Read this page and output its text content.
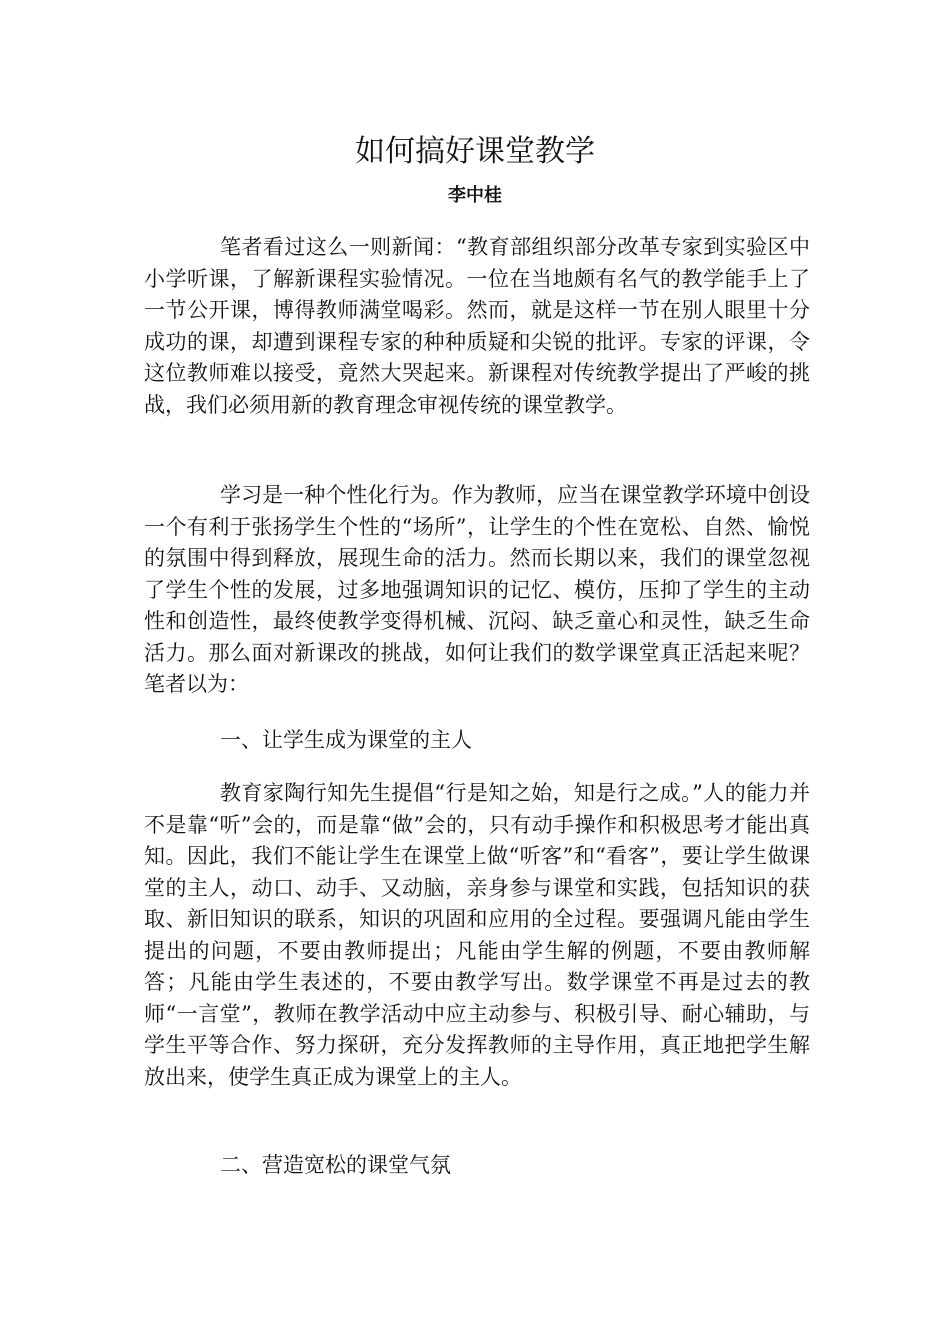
如何搞好课堂教学
李中桂

笔者看过这么一则新闻：“教育部组织部分改革专家到实验区中小学听课，了解新课程实验情况。一位在当地颇有名气的教学能手上了一节公开课，博得教师满堂喝彩。然而，就是这样一节在别人眼里十分成功的课，却遭到课程专家的种种质疑和尖锐的批评。专家的评课，令这位教师难以接受，竟然大哭起来。新课程对传统教学提出了严峻的挑战，我们必须用新的教育理念审视传统的课堂教学。

学习是一种个性化行为。作为教师，应当在课堂教学环境中创设一个有利于张扬学生个性的“场所”，让学生的个性在宽松、自然、愉悦的氛围中得到释放，展现生命的活力。然而长期以来，我们的课堂忽视了学生个性的发展，过多地强调知识的记忆、模仿，压抑了学生的主动性和创造性，最终使教学变得机械、沉闷、缺乏童心和灵性，缺乏生命活力。那么面对新课改的挑战，如何让我们的数学课堂真正活起来呢？笔者以为：

一、让学生成为课堂的主人

教育家陶行知先生提倡“行是知之始，知是行之成。”人的能力并不是靠“听”会的，而是靠“做”会的，只有动手操作和积极思考才能出真知。因此，我们不能让学生在课堂上做“听客”和“看客”，要让学生做课堂的主人，动口、动手、又动脑，亲身参与课堂和实践，包括知识的获取、新旧知识的联系，知识的巩固和应用的全过程。要强调凡能由学生提出的问题，不要由教师提出；凡能由学生解的例题，不要由教师解答；凡能由学生表述的，不要由教学写出。数学课堂不再是过去的教师“一言堂”，教师在教学活动中应主动参与、积极引导、耐心辅助，与学生平等合作、努力探研，充分发挥教师的主导作用，真正地把学生解放出来，使学生真正成为课堂上的主人。

二、营造宽松的课堂气氛
